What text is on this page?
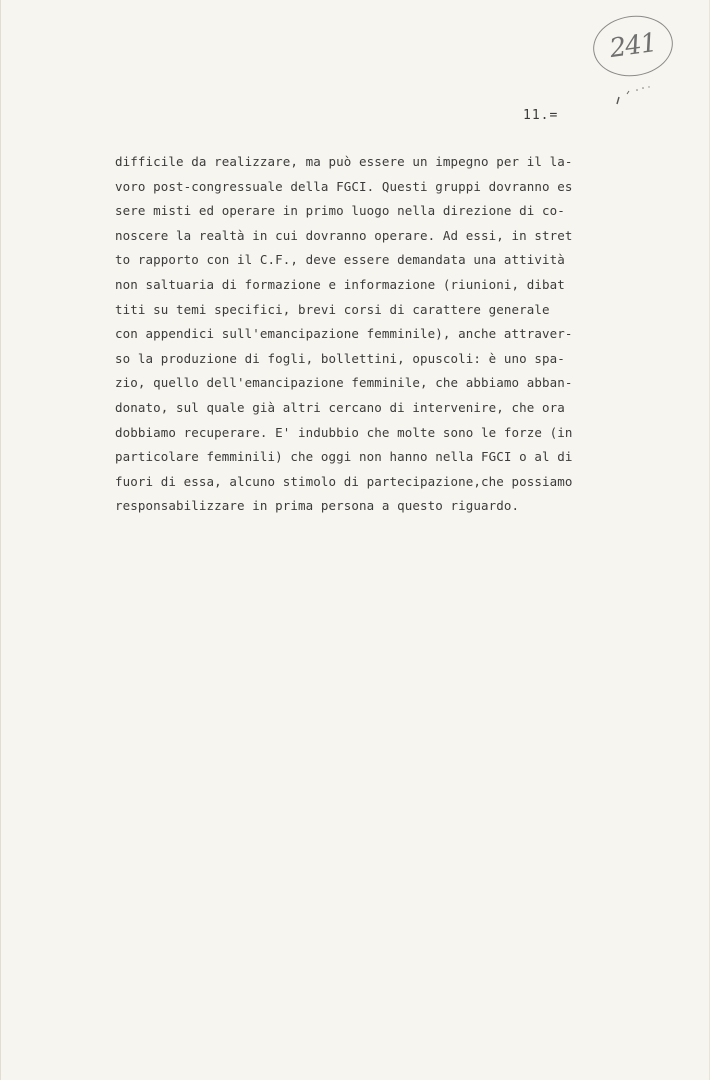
241
11.=
difficile da realizzare, ma può essere un impegno per il la-
voro post-congressuale della FGCI. Questi gruppi dovranno es
sere misti ed operare in primo luogo nella direzione di co-
noscere la realtà in cui dovranno operare. Ad essi, in stret
to rapporto con il C.F., deve essere demandata una attività
non saltuaria di formazione e informazione (riunioni, dibat
titi su temi specifici, brevi corsi di carattere generale
con appendici sull'emancipazione femminile), anche attraver-
so la produzione di fogli, bollettini, opuscoli: è uno spa-
zio, quello dell'emancipazione femminile, che abbiamo abban-
donato, sul quale già altri cercano di intervenire, che ora
dobbiamo recuperare. E' indubbio che molte sono le forze (in
particolare femminili) che oggi non hanno nella FGCI o al di
fuori di essa, alcuno stimolo di partecipazione,che possiamo
responsabilizzare in prima persona a questo riguardo.
